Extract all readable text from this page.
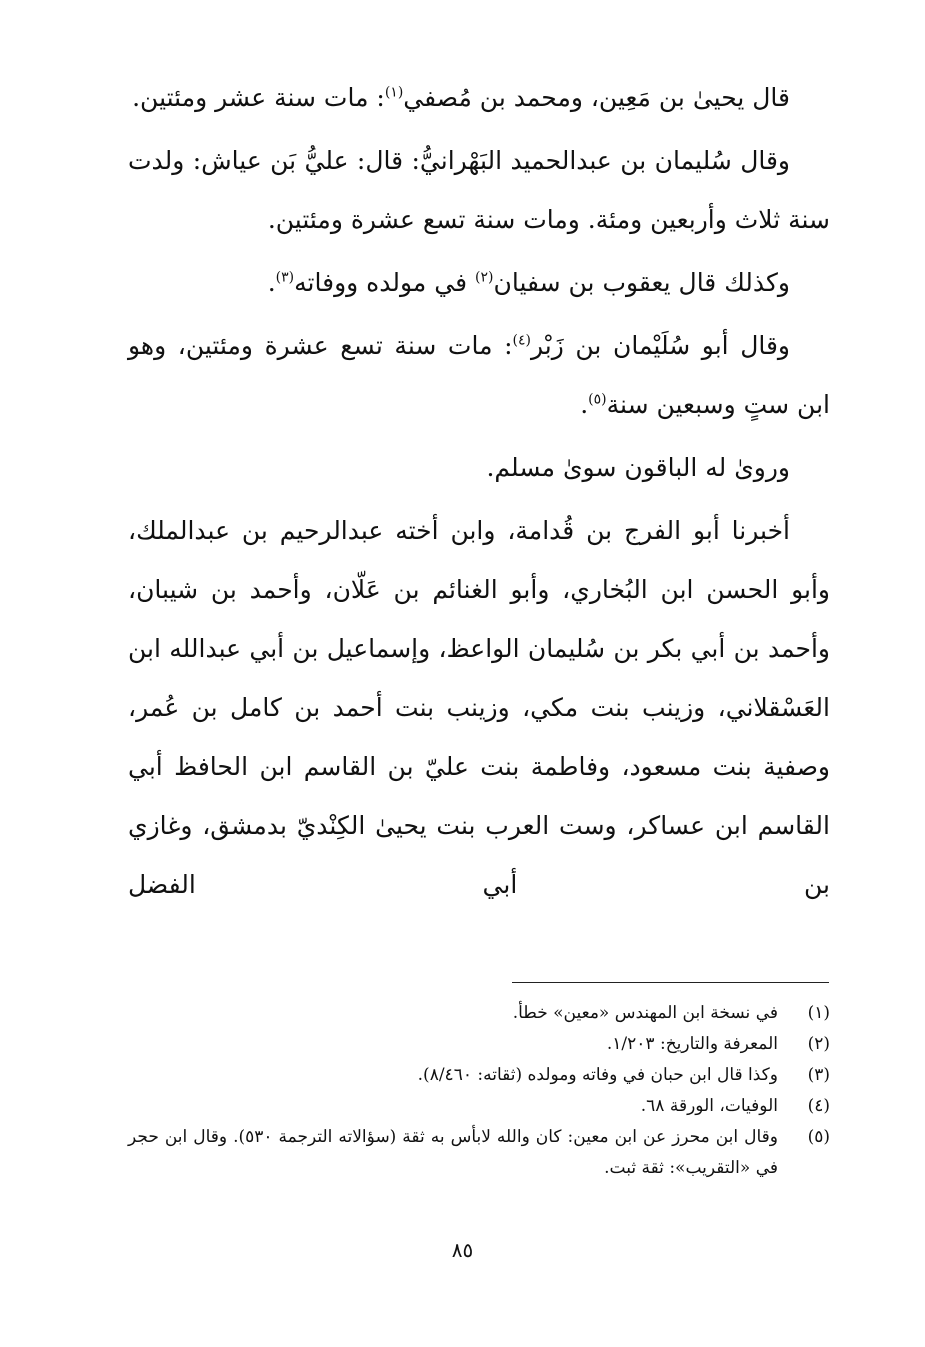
قال يحيىٰ بن مَعِين، ومحمد بن مُصفي$^{(١)}$: مات سنة عشر ومئتين.

وقال سُليمان بن عبدالحميد البَهْرانيُّ: قال: عليُّ بَن عياش: ولدت سنة ثلاث وأربعين ومئة. ومات سنة تسع عشرة ومئتين.

وكذلك قال يعقوب بن سفيان$^{(٢)}$ في مولده ووفاته$^{(٣)}$.

وقال أبو سُلَيْمان بن زَبْر$^{(٤)}$: مات سنة تسع عشرة ومئتين، وهو ابن ستٍ وسبعين سنة$^{(٥)}$.

ورویٰ له الباقون سوىٰ مسلم.

أخبرنا أبو الفرج بن قُدامة، وابن أخته عبدالرحيم بن عبدالملك، وأبو الحسن ابن البُخاري، وأبو الغنائم بن عَلّان، وأحمد بن شيبان، وأحمد بن أبي بكر بن سُليمان الواعظ، وإسماعيل بن أبي عبدالله ابن العَسْقلاني، وزينب بنت مكي، وزينب بنت أحمد بن كامل بن عُمر، وصفية بنت مسعود، وفاطمة بنت عليّ بن القاسم ابن الحافظ أبي القاسم ابن عساكر، وست العرب بنت يحيىٰ الكِنْديّ بدمشق، وغازي بن أبي الفضل

(١)
في نسخة ابن المهندس «معين» خطأ.
(٢)
المعرفة والتاريخ: ١/٢٠٣.
(٣)
وكذا قال ابن حبان في وفاته ومولده (ثقاته: ٨/٤٦٠).
(٤)
الوفيات، الورقة ٦٨.
(٥)
وقال ابن محرز عن ابن معين: كان والله لابأس به ثقة (سؤالاته الترجمة ٥٣٠). وقال ابن حجر في «التقريب»: ثقة ثبت.
٨٥
